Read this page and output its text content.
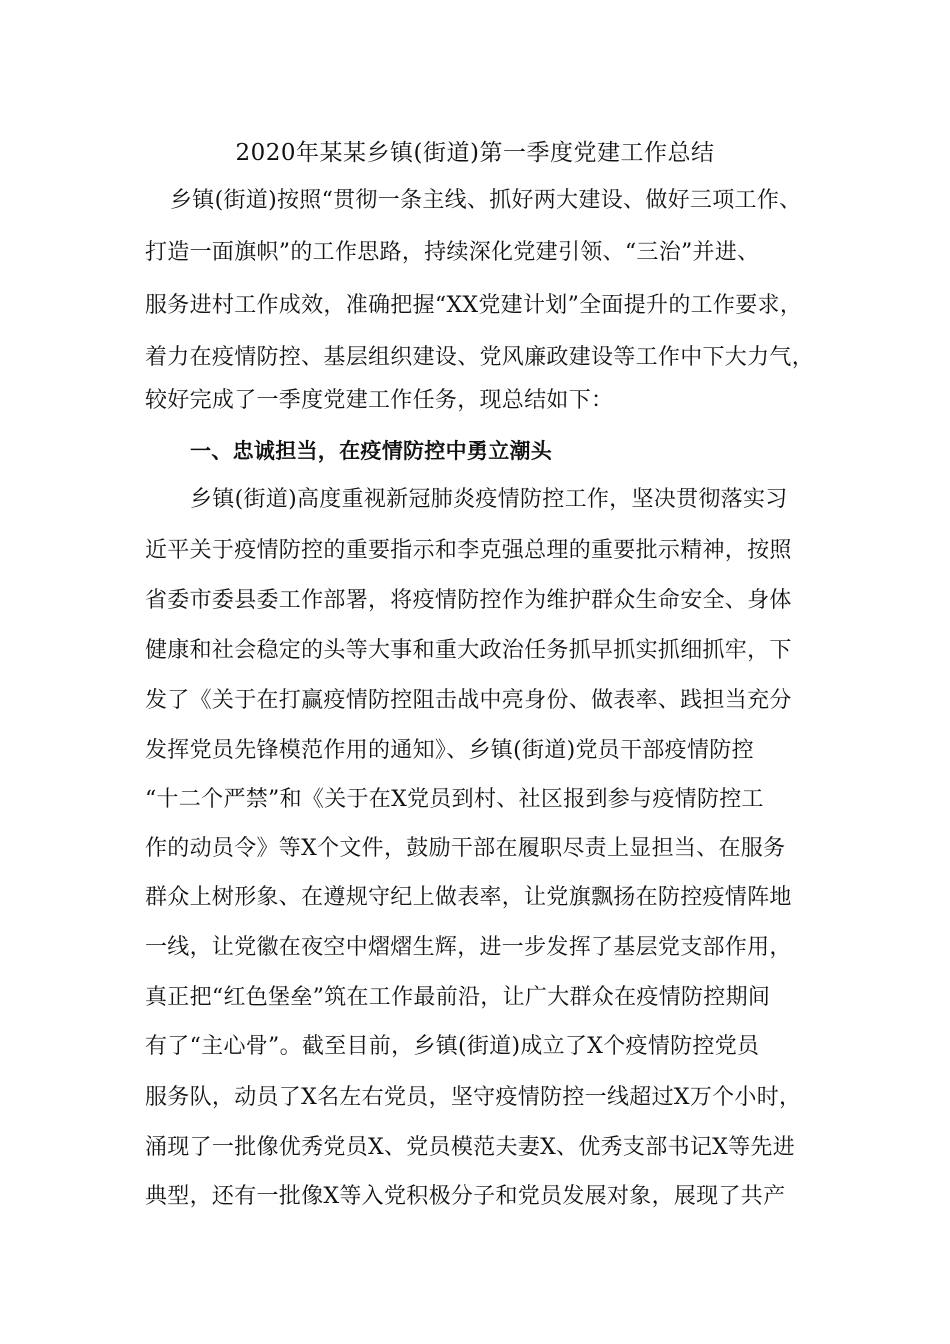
2020年某某乡镇(街道)第一季度党建工作总结
乡镇(街道)按照“贯彻一条主线、抓好两大建设、做好三项工作、
打造一面旗帜”的工作思路，持续深化党建引领、“三治”并进、
服务进村工作成效，准确把握“XX党建计划”全面提升的工作要求，
着力在疫情防控、基层组织建设、党风廉政建设等工作中下大力气，
较好完成了一季度党建工作任务，现总结如下：
一、忠诚担当，在疫情防控中勇立潮头
乡镇(街道)高度重视新冠肺炎疫情防控工作，坚决贯彻落实习
近平关于疫情防控的重要指示和李克强总理的重要批示精神，按照
省委市委县委工作部署，将疫情防控作为维护群众生命安全、身体
健康和社会稳定的头等大事和重大政治任务抓早抓实抓细抓牢，下
发了《关于在打赢疫情防控阻击战中亮身份、做表率、践担当充分
发挥党员先锋模范作用的通知》、乡镇(街道)党员干部疫情防控
“十二个严禁”和《关于在X党员到村、社区报到参与疫情防控工
作的动员令》等X个文件，鼓励干部在履职尽责上显担当、在服务
群众上树形象、在遵规守纪上做表率，让党旗飘扬在防控疫情阵地
一线，让党徽在夜空中熠熠生辉，进一步发挥了基层党支部作用，
真正把“红色堡垒”筑在工作最前沿，让广大群众在疫情防控期间
有了“主心骨”。截至目前，乡镇(街道)成立了X个疫情防控党员
服务队，动员了X名左右党员，坚守疫情防控一线超过X万个小时，
涌现了一批像优秀党员X、党员模范夫妻X、优秀支部书记X等先进
典型，还有一批像X等入党积极分子和党员发展对象，展现了共产
